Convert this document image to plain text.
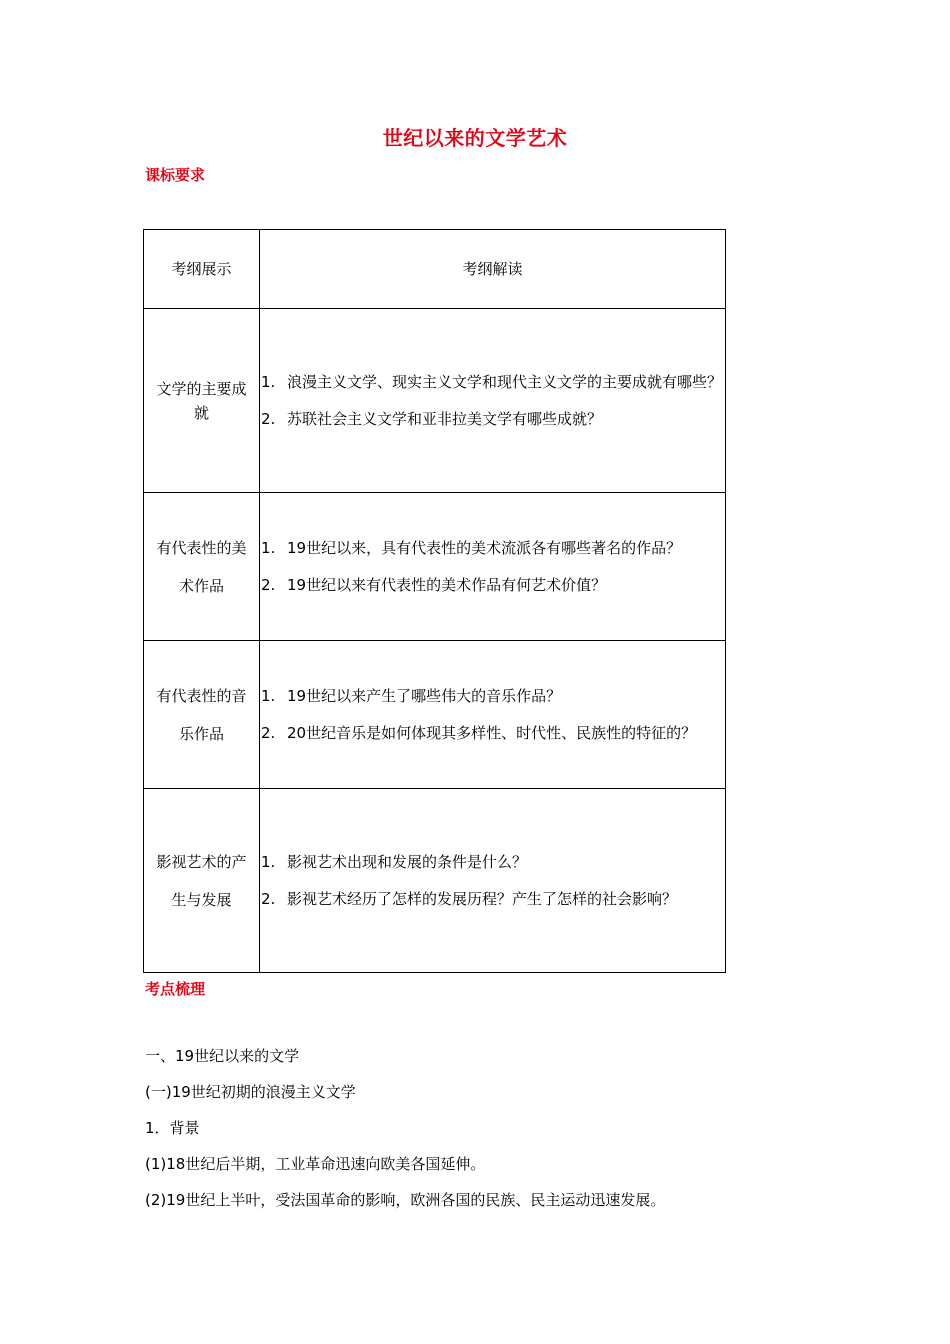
世纪以来的文学艺术
课标要求
考纲展示	考纲解读

文学的主要成就	1. 浪漫主义文学、现实主义文学和现代主义文学的主要成就有哪些？
2. 苏联社会主义文学和亚非拉美文学有哪些成就？

有代表性的美术作品	1. 19世纪以来，具有代表性的美术流派各有哪些著名的作品？
2. 19世纪以来有代表性的美术作品有何艺术价值？

有代表性的音乐作品	1. 19世纪以来产生了哪些伟大的音乐作品？
2. 20世纪音乐是如何体现其多样性、时代性、民族性的特征的？

影视艺术的产生与发展	1. 影视艺术出现和发展的条件是什么？
2. 影视艺术经历了怎样的发展历程？产生了怎样的社会影响？
考点梳理

一、19世纪以来的文学

(一)19世纪初期的浪漫主义文学

1．背景

(1)18世纪后半期，工业革命迅速向欧美各国延伸。

(2)19世纪上半叶，受法国革命的影响，欧洲各国的民族、民主运动迅速发展。
